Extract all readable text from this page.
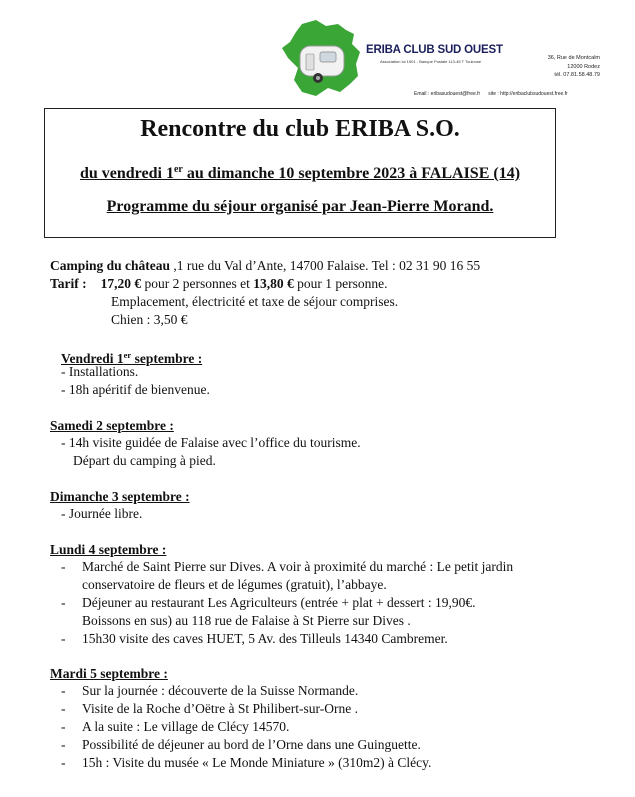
ERIBA CLUB SUD OUEST
Association loi 1901 - Banque Postale 113-45 T Toulouse
36, Rue de Montcalm
12000 Rodez
tél. 07.81.58.48.79
Email : eribasudouest@free.fr site : http://eribaclubsudouest.free.fr
Rencontre du club ERIBA S.O.
du vendredi 1er au dimanche 10 septembre 2023 à FALAISE (14)
Programme du séjour organisé par Jean-Pierre Morand.
Camping du château ,1 rue du Val d’Ante, 14700 Falaise. Tel : 02 31 90 16 55
Tarif : 17,20 € pour 2 personnes et 13,80 € pour 1 personne.
Emplacement, électricité et taxe de séjour comprises.
Chien : 3,50 €
Vendredi 1er septembre :
- Installations.
- 18h apéritif de bienvenue.
Samedi 2 septembre :
- 14h visite guidée de Falaise avec l’office du tourisme.
Départ du camping à pied.
Dimanche 3 septembre :
- Journée libre.
Lundi 4 septembre :
- Marché de Saint Pierre sur Dives. A voir à proximité du marché : Le petit jardin
conservatoire de fleurs et de légumes (gratuit), l’abbaye.
- Déjeuner au restaurant Les Agriculteurs (entrée + plat + dessert : 19,90€.
Boissons en sus) au 118 rue de Falaise à St Pierre sur Dives .
- 15h30 visite des caves HUET, 5 Av. des Tilleuls 14340 Cambremer.
Mardi 5 septembre :
- Sur la journée : découverte de la Suisse Normande.
- Visite de la Roche d’Oëtre à St Philibert-sur-Orne .
- A la suite : Le village de Clécy 14570.
- Possibilité de déjeuner au bord de l’Orne dans une Guinguette.
- 15h : Visite du musée « Le Monde Miniature » (310m2) à Clécy.
